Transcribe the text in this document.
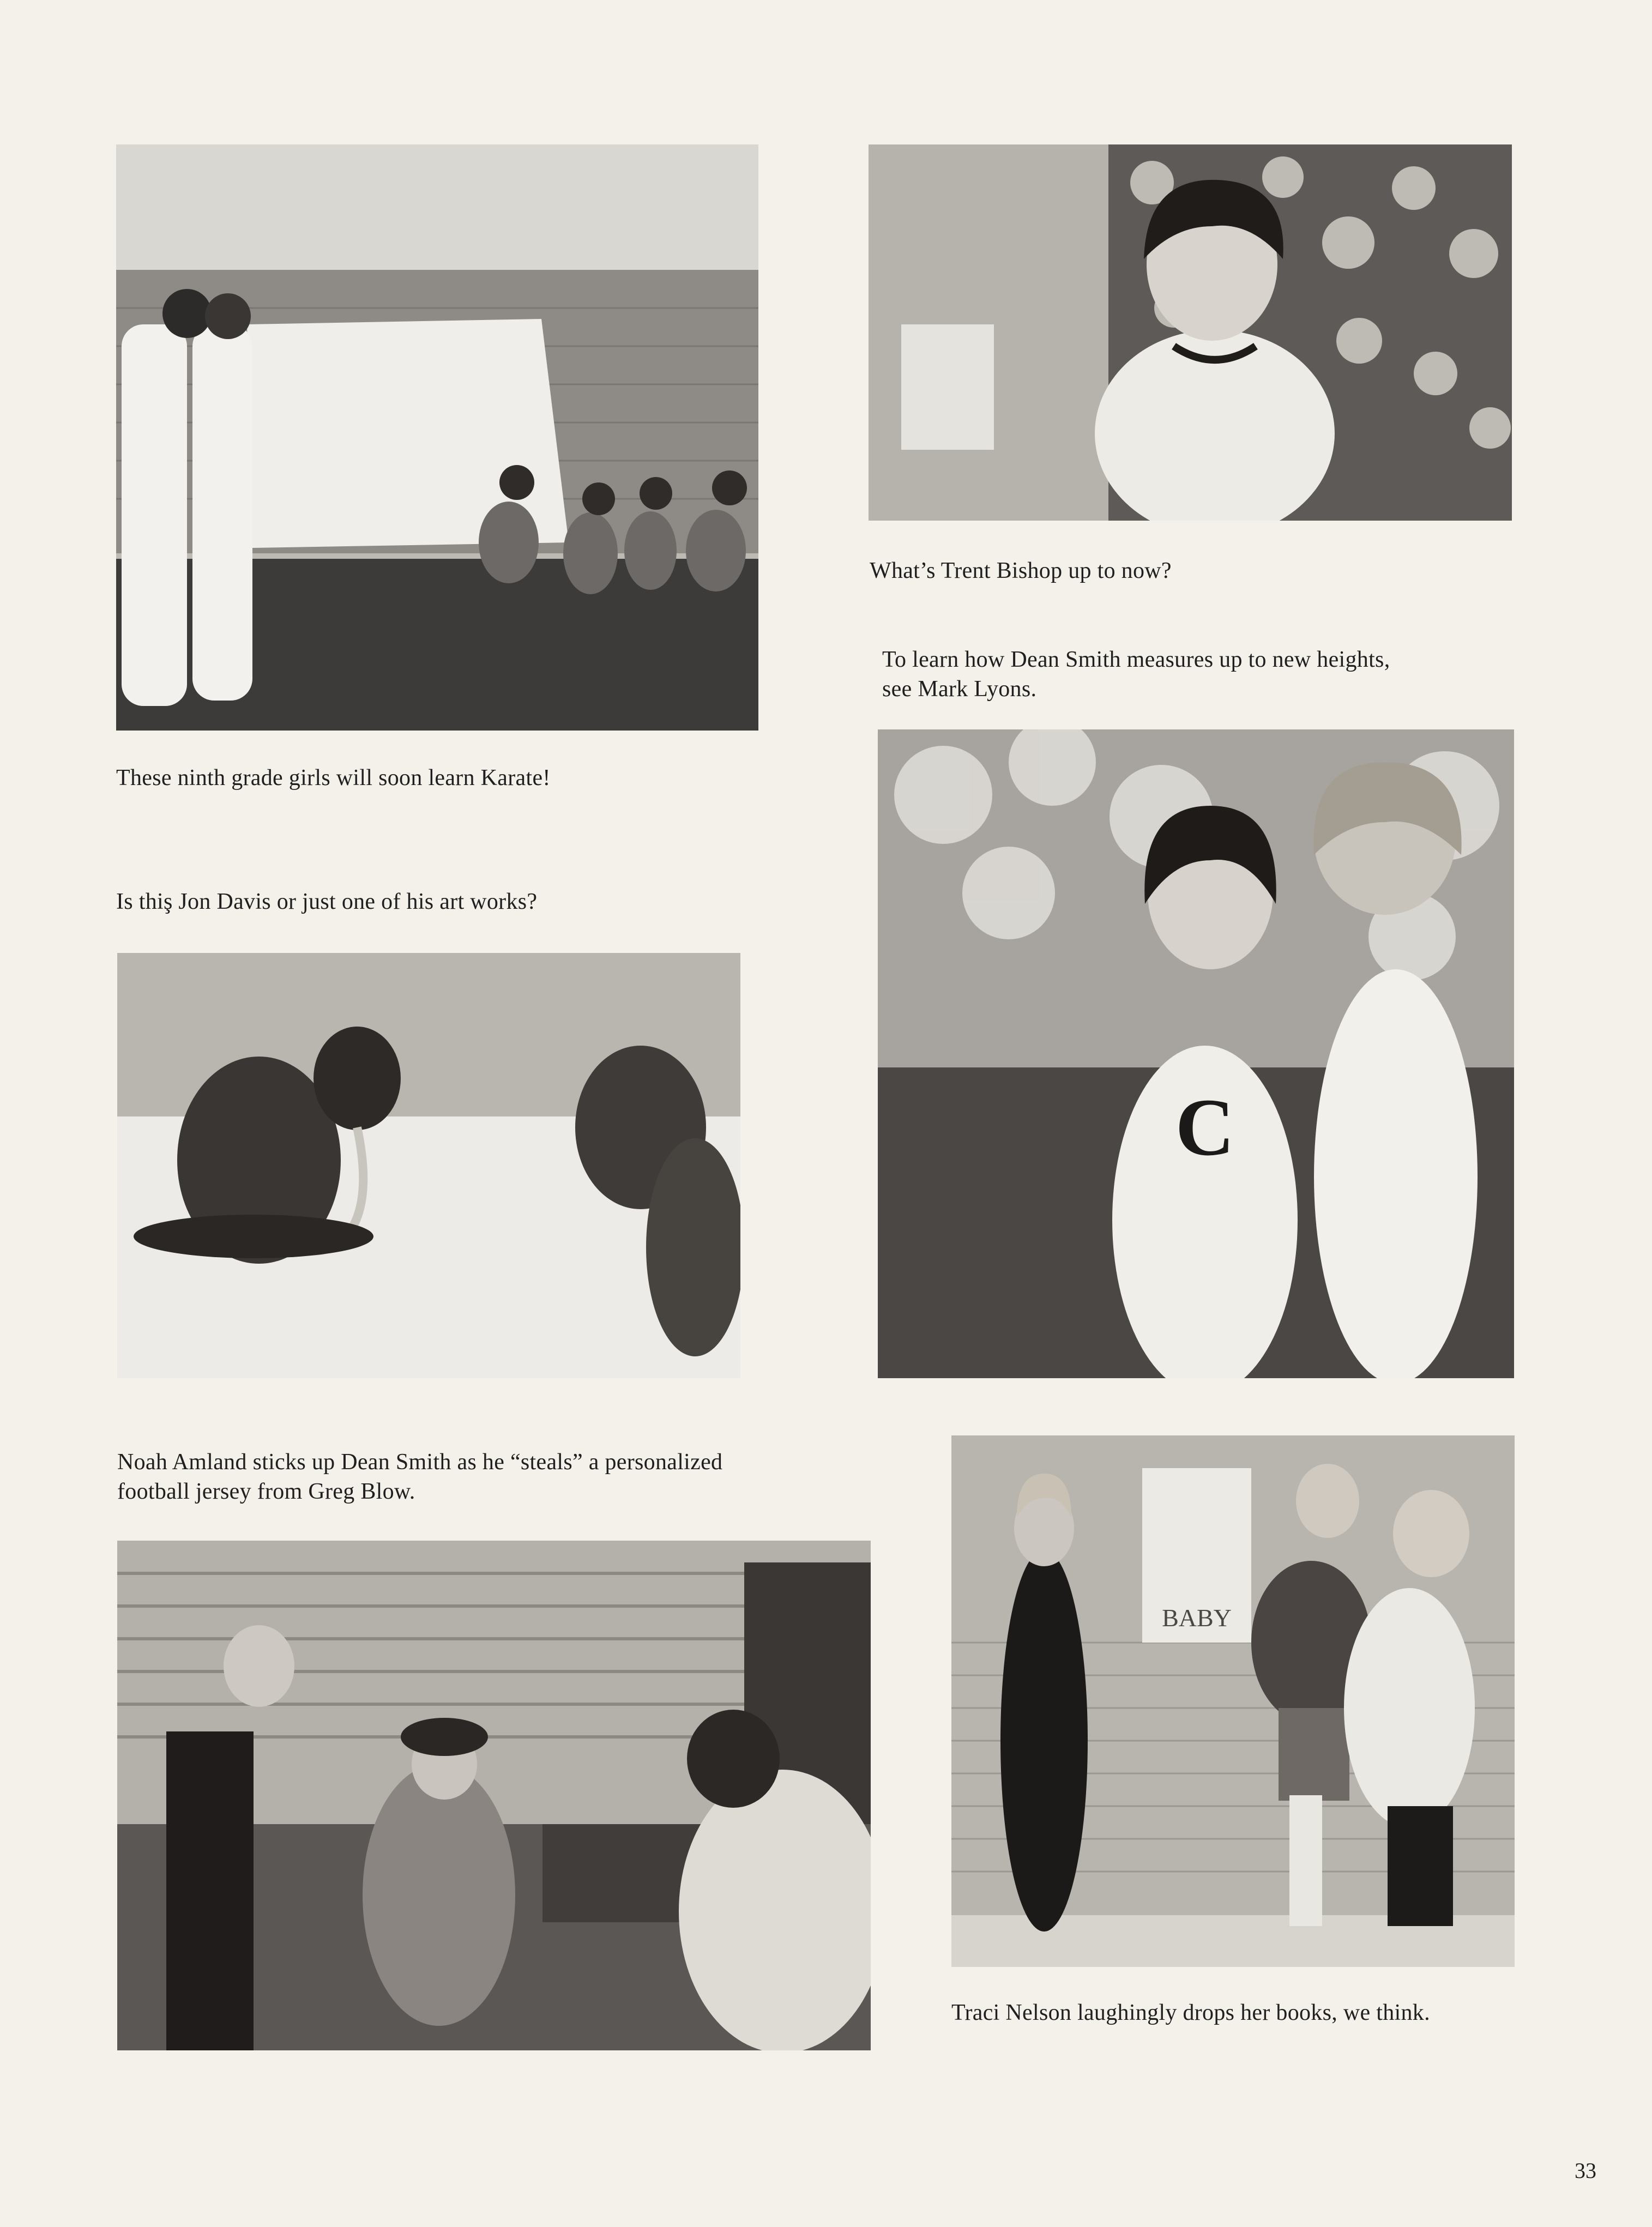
C
BABY
These ninth grade girls will soon learn Karate!
What’s Trent Bishop up to now?
To learn how Dean Smith measures up to new heights,
see Mark Lyons.
Is thiş Jon Davis or just one of his art works?
Noah Amland sticks up Dean Smith as he “steals” a personalized
football jersey from Greg Blow.
Traci Nelson laughingly drops her books, we think.
33
